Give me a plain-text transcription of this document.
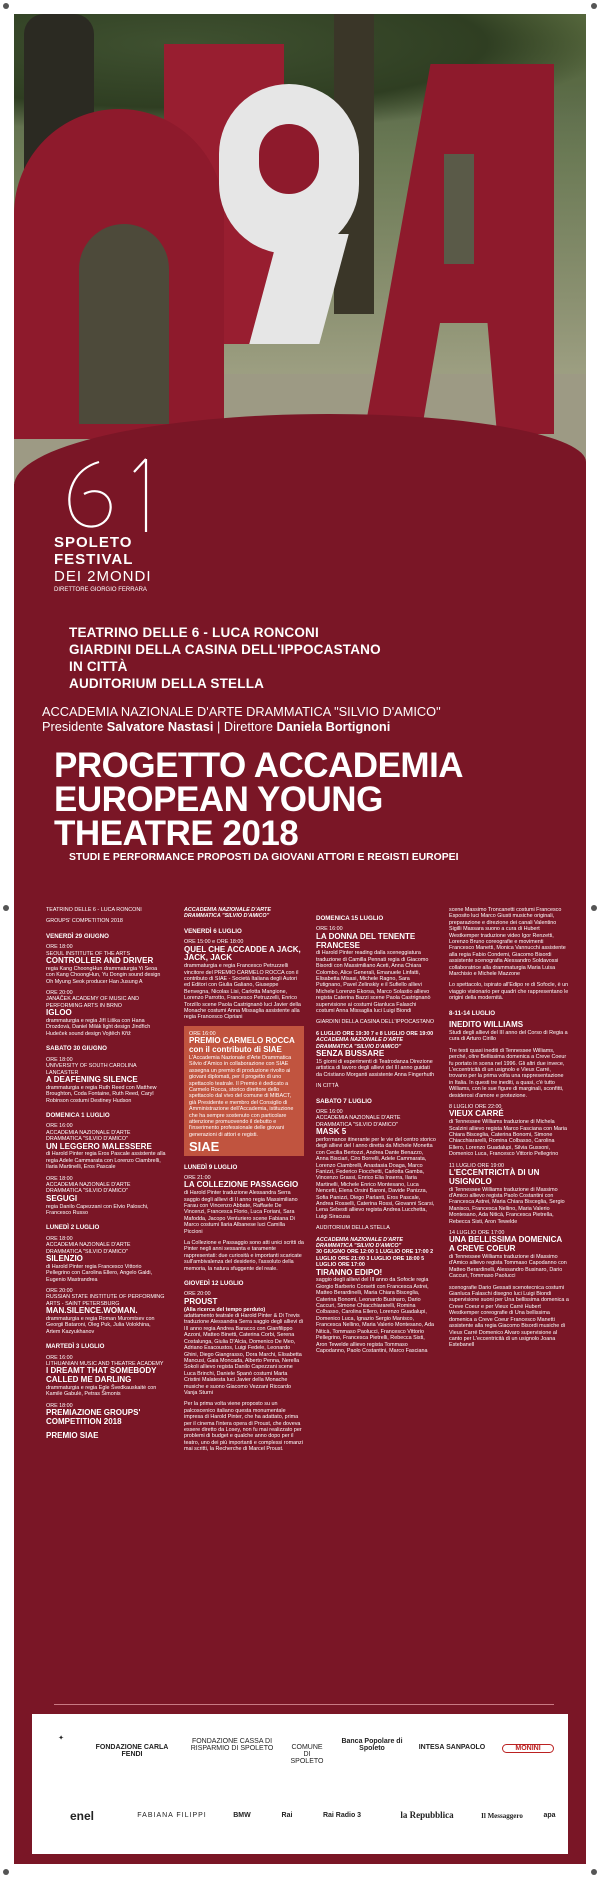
SPOLETO
FESTIVAL
DEI 2MONDI
DIRETTORE GIORGIO FERRARA
TEATRINO DELLE 6 - LUCA RONCONI
GIARDINI DELLA CASINA DELL'IPPOCASTANO
IN CITTÀ
AUDITORIUM DELLA STELLA
ACCADEMIA NAZIONALE D'ARTE DRAMMATICA "SILVIO D'AMICO"
Presidente Salvatore Nastasi | Direttore Daniela Bortignoni
PROGETTO ACCADEMIA
EUROPEAN YOUNG
THEATRE 2018
STUDI E PERFORMANCE PROPOSTI DA GIOVANI ATTORI E REGISTI EUROPEI

TEATRINO DELLE 6 - LUCA RONCONI

GROUPS' COMPETITION 2018

VENERDÌ 29 GIUGNO

ORE 18:00
SEOUL INSTITUTE OF THE ARTS
CONTROLLER AND DRIVER
regia Kang ChoongHun drammaturgia Yi Seoa con Kang ChoongHun, Yu Dongin sound design Oh Myung Seok producer Han Jusung A

ORE 20:00
JANÁČEK ACADEMY OF MUSIC AND PERFORMING ARTS IN BRNO
IGLOO
drammaturgia e regia Jiří Liška con Hana Drozdová, Daniel Milák light design Jindřich Hudeček sound design Vojtěch Křiž

SABATO 30 GIUGNO

ORE 18:00
UNIVERSITY OF SOUTH CAROLINA LANCASTER
A DEAFENING SILENCE
drammaturgia e regia Ruth Reed con Matthew Broughton, Coda Fontaine, Ruth Reed, Caryl Robinson costumi Destiney Hudson

DOMENICA 1 LUGLIO

ORE 16:00
ACCADEMIA NAZIONALE D'ARTE DRAMMATICA "SILVIO D'AMICO"
UN LEGGERO MALESSERE
di Harold Pinter regia Eros Pascale assistente alla regia Adele Cammarata con Lorenzo Ciambrelli, Ilaria Martinelli, Eros Pascale

ORE 18:00
ACCADEMIA NAZIONALE D'ARTE DRAMMATICA "SILVIO D'AMICO"
SEGUGI
regia Danilo Capezzani con Elvio Paloschi, Francesco Russo

LUNEDÌ 2 LUGLIO

ORE 18:00
ACCADEMIA NAZIONALE D'ARTE DRAMMATICA "SILVIO D'AMICO"
SILENZIO
di Harold Pinter regia Francesco Vittorio Pellegrino con Carolina Ellero, Angelo Galdi, Eugenio Mastrandrea

ORE 20:00
RUSSIAN STATE INSTITUTE OF PERFORMING ARTS - SAINT PETERSBURG
MAN.SILENCE.WOMAN.
drammaturgia e regia Roman Muromtsev con Georgii Bataroni, Oleg Puk, Julia Volokhina, Artem Kazyukhanov

MARTEDÌ 3 LUGLIO

ORE 16:00
LITHUANIAN MUSIC AND THEATRE ACADEMY
I DREAMT THAT SOMEBODY CALLED ME DARLING
drammaturgia e regia Egle Švedkauskaitė con Kamilė Gabulė, Petras Šimonis

ORE 18:00
PREMIAZIONE GROUPS' COMPETITION 2018

PREMIO SIAE

ACCADEMIA NAZIONALE D'ARTE DRAMMATICA "SILVIO D'AMICO"

VENERDÌ 6 LUGLIO

ORE 15:00 e ORE 18:00
QUEL CHE ACCADDE A JACK, JACK, JACK
drammaturgia e regia Francesco Petruzzelli vincitore del PREMIO CARMELO ROCCA con il contributo di SIAE - Società Italiana degli Autori ed Editori con Giulia Galiano, Giuseppe Benvegna, Nicolas Lisi, Carlotta Mangione, Lorenzo Parrotto, Francesco Petruzzelli, Enrico Torzillo scene Paola Castrignanò luci Javier della Monache costumi Anna Missaglia assistente alla regia Francesco Cipriani

ORE 16:00
PREMIO CARMELO ROCCA con il contributo di SIAE
L'Accademia Nazionale d'Arte Drammatica Silvio d'Amico in collaborazione con SIAE assegna un premio di produzione rivolto ai giovani diplomati, per il progetto di uno spettacolo teatrale. Il Premio è dedicato a Carmelo Rocca, storico direttore dello spettacolo dal vivo del comune di MIBACT, già Presidente e membro del Consiglio di Amministrazione dell'Accademia, istituzione che ha sempre sostenuto con particolare attenzione promuovendo il debutto e l'inserimento professionale delle giovani generazioni di attori e registi.
SIAE
LUNEDÌ 9 LUGLIO

ORE 21:00
LA COLLEZIONE PASSAGGIO
di Harold Pinter traduzione Alessandra Serra saggio degli allievi di II anno regia Massimiliano Farau con Vincenzo Abbate, Raffaele De Vincenzi, Francesca Florio, Luca Foriani, Sara Mafodda, Jacopo Venturiero scene Fabiana Di Marco costumi Ilaria Albanese luci Camilla Piccioni

La Collezione e Passaggio sono atti unici scritti da Pinter negli anni sessanta e taramente rappresentati: due curiosità e importanti scaricate sull'ambivalenza del desiderio, l'assoluto della memoria, la natura sfuggente del reale.

GIOVEDÌ 12 LUGLIO

ORE 20:00
PROUST
(Alla ricerca del tempo perduto)
adattamento teatrale di Harold Pinter & Di Trevis traduzione Alessandra Serra saggio degli allievi di III anno regia Andrea Baracco con Gianfilippo Azzoni, Matteo Binetti, Caterina Corbi, Serena Costalunga, Giulia D'Alcia, Domenico De Meo, Adriano Exacoustos, Luigi Fedele, Leonardo Ghini, Diego Giangrasso, Dora Marchi, Elisabetta Mancusi, Gaia Moncada, Alberto Penna, Nerella Sokoli allievo regista Danilo Capezzani scene Luca Brinchi, Daniele Spanò costumi Marta Cristini Malatesta luci Javier della Monache musiche e suono Giacomo Vezzani Riccardo Vanja Sturni

Per la prima volta viene proposto su un palcoscenico italiano questa monumentale impresa di Harold Pinter, che ha adattato, prima per il cinema l'intera opera di Proust, che doveva essere diretto da Losey, non fu mai realizzato per problemi di budget e qualche anno dopo per il teatro, uno dei più importanti e complessi romanzi mai scritti, la Recherche di Marcel Proust.

DOMENICA 15 LUGLIO

ORE 16:00
LA DONNA DEL TENENTE FRANCESE
di Harold Pinter reading dalla sceneggiatura traduzione di Camilla Pennati regia di Giacomo Bisordi con Massimiliano Aceti, Anna Chiara Colombo, Alice Generali, Emanuele Linfatti, Elisabetta Misasi, Michele Ragno, Sara Putignano, Pavel Zelinskiy e il Sufiello allievi Michele Lorenzo Ekorsa, Marco Solastio allievo regista Caterina Bazzi scene Paola Castrignanò supervisione ai costumi Gianluca Falaschi costumi Anna Missaglia luci Luigi Biondi

GIARDINI DELLA CASINA DELL'IPPOCASTANO

6 LUGLIO ORE 19:30 7 e 8 LUGLIO ORE 19:00
ACCADEMIA NAZIONALE D'ARTE DRAMMATICA "SILVIO D'AMICO"
SENZA BUSSARE
15 giorni di esperimenti di Teatrodanza Direzione artistica di lavoro degli allievi del III anno guidati da Cristiano Morganti assistente Anna Fingerhuth

IN CITTÀ

SABATO 7 LUGLIO

ORE 16:00
ACCADEMIA NAZIONALE D'ARTE DRAMMATICA "SILVIO D'AMICO"
MASK 5
performance itinerante per le vie del centro storico degli allievi del I anno diretta da Michele Monetta con Cecilia Bertozzi, Andrea Dante Benazzo, Anna Bisciari, Ciro Borrelli, Adele Cammarata, Lorenzo Ciambrelli, Anastasia Doaga, Marco Fanizzi, Federico Fiocchetti, Carlotta Gamba, Vincenzo Grassi, Enrico Elia Inserra, Ilaria Martinelli, Michele Enrico Montesano, Luca Nencetti, Elena Orsini Baroni, Davide Panizza, Sofia Panizzi, Diego Parlanti, Eros Pascale, Andrea Rosselli, Caterina Rossi, Giovanni Scarsi, Lena Sebesti allievo regista Andrea Lucchetta, Luigi Siracusa

AUDITORIUM DELLA STELLA

ACCADEMIA NAZIONALE D'ARTE DRAMMATICA "SILVIO D'AMICO"
30 GIUGNO ORE 12:00 1 LUGLIO ORE 17:00 2 LUGLIO ORE 21:00 3 LUGLIO ORE 18:00 5 LUGLIO ORE 17:00
TIRANNO EDIPO!
saggio degli allievi del III anno da Sofocle regia Giorgio Barberio Corsetti con Francesca Astrei, Matteo Berardinelli, Maria Chiara Bisceglia, Caterina Bonomi, Leonardo Businaro, Dario Caccuri, Simone Chiacchiararelli, Romina Colbasso, Carolina Ellero, Lorenzo Guadalupi, Domenico Luca, Ignazio Sergio Manisco, Francesca Nellino, Maria Valerio Montesano, Ada Niticà, Tommaso Paolucci, Francesco Vittorio Pellegrino, Francesca Pietrelli, Rebecca Sisti, Aron Tewelde allievo regista Tommaso Capodanno, Paolo Costantini, Marco Fasciana

scene Massimo Troncanetti costumi Francesco Esposito luci Marco Giusti musiche originali, preparazione e direzione dei canali Valentino Sigilli Massara suono a cura di Hubert Westkemper traduzione video Igor Renzetti, Lorenzo Bruno coreografie e movimenti Francesco Manetti, Monica Vannucchi assistente alla regia Fabio Condemi, Giacomo Bisordi assistente scenografia Alessandro Soldavossi collaboratrice alla drammaturgia Maria Luisa Marchisio e Michele Mazzone

Lo spettacolo, ispirato all'Edipo re di Sofocle, è un viaggio visionario per quadri che rappresentano le origini della modernità.

8-11-14 LUGLIO

INEDITO WILLIAMS
Studi degli allievi del III anno del Corso di Regia a cura di Arturo Cirillo

Tre testi quasi inediti di Tennessee Williams, perché, oltre Bellissima domenica a Creve Coeur fu portato in scena nel 1996. Gli altri due invece, L'eccentricità di un usignolo e Vieux Carré, trovano per la prima volta una rappresentazione in Italia. In questi tre inediti, a quasi, c'è tutto Williams, con le sue figure di marginali, sconfitti, desiderosi d'amore e protezione.

8 LUGLIO ORE 22:00
VIEUX CARRÉ
di Tennessee Williams traduzione di Michela Scalzini allievo regista Marco Fasciana con Maria Chiara Bisceglia, Caterina Bonomi, Simone Chiacchiararelli, Romina Colbasso, Carolina Ellero, Lorenzo Guadalupi, Silvia Gussoni, Domenico Luca, Francesco Vittorio Pellegrino

11 LUGLIO ORE 19:00
L'ECCENTRICITÀ DI UN USIGNOLO
di Tennessee Williams traduzione di Massimo d'Amico allievo regista Paolo Costantini con Francesca Astrei, Maria Chiara Bisceglia, Sergio Manisco, Francesca Nellino, Maria Valerio Montesano, Ada Niticà, Francesca Pietrella, Rebecca Sisti, Aron Tewelde

14 LUGLIO ORE 17:00
UNA BELLISSIMA DOMENICA A CREVE COEUR
di Tennessee Williams traduzione di Massimo d'Amico allievo regista Tommaso Capodanno con Matteo Berardinelli, Alessandro Businaro, Dario Caccuri, Tommaso Paolucci

scenografie Dario Gessati scenotecnica costumi Gianluca Falaschi disegno luci Luigi Biondi supervisione suoni per Una bellissima domenica a Creve Coeur e per Vieux Carré Hubert Westkemper coreografie di Una bellissima domenica a Creve Coeur Francesco Manetti assistente alla regia Giacomo Bisordi musiche di Vieux Carré Domenico Alvaro supervisione al canto per L'eccentricità di un usignolo Joana Estebanell

✦
FONDAZIONE CARLA FENDI
FONDAZIONE CASSA DI RISPARMIO DI SPOLETO	COMUNE DI SPOLETO
Banca Popolare di Spoleto	INTESA SANPAOLO	MONINI
enel	FABIANA FILIPPI	BMW	Rai	Rai Radio 3	la Repubblica	Il Messaggero	apa
